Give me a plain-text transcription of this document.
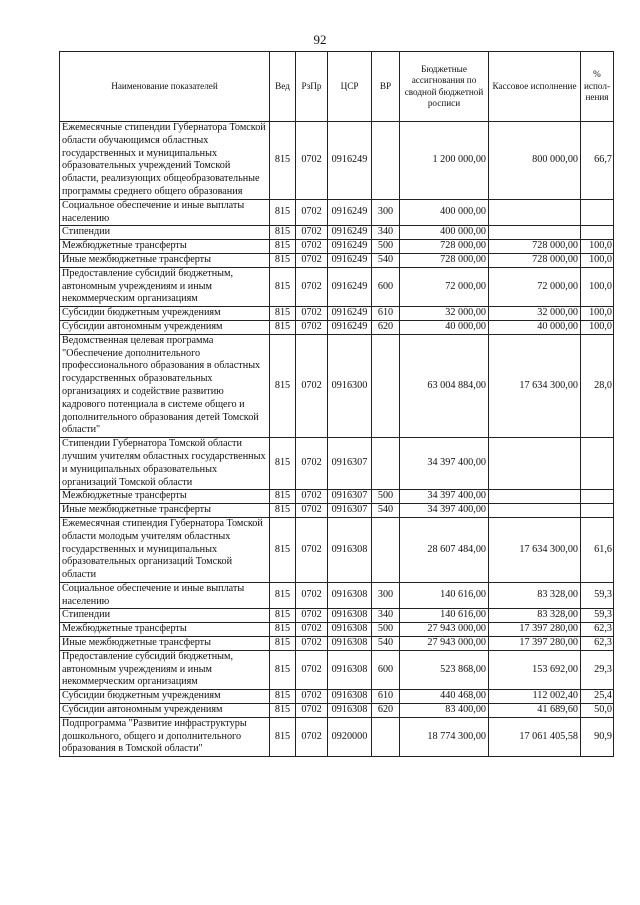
92
Наименование показателей	Вед	РзПр	ЦСР	ВР	Бюджетные ассигнования по сводной бюджетной росписи	Кассовое исполнение	% испол-нения
Ежемесячные стипендии Губернатора Томской области обучающимся областных государственных и муниципальных образовательных учреждений Томской области, реализующих общеобразовательные программы среднего общего образования	815	0702	0916249		1 200 000,00	800 000,00	66,7
Социальное обеспечение и иные выплаты населению	815	0702	0916249	300	400 000,00		
Стипендии	815	0702	0916249	340	400 000,00		
Межбюджетные трансферты	815	0702	0916249	500	728 000,00	728 000,00	100,0
Иные межбюджетные трансферты	815	0702	0916249	540	728 000,00	728 000,00	100,0
Предоставление субсидий бюджетным, автономным учреждениям и иным некоммерческим организациям	815	0702	0916249	600	72 000,00	72 000,00	100,0
Субсидии бюджетным учреждениям	815	0702	0916249	610	32 000,00	32 000,00	100,0
Субсидии автономным учреждениям	815	0702	0916249	620	40 000,00	40 000,00	100,0
Ведомственная целевая программа "Обеспечение дополнительного профессионального образования в областных государственных образовательных организациях и содействие развитию кадрового потенциала в системе общего и дополнительного образования детей Томской области"	815	0702	0916300		63 004 884,00	17 634 300,00	28,0
Стипендии Губернатора Томской области лучшим учителям областных государственных и муниципальных образовательных организаций Томской области	815	0702	0916307		34 397 400,00		
Межбюджетные трансферты	815	0702	0916307	500	34 397 400,00		
Иные межбюджетные трансферты	815	0702	0916307	540	34 397 400,00		
Ежемесячная стипендия Губернатора Томской области молодым учителям областных государственных и муниципальных образовательных организаций Томской области	815	0702	0916308		28 607 484,00	17 634 300,00	61,6
Социальное обеспечение и иные выплаты населению	815	0702	0916308	300	140 616,00	83 328,00	59,3
Стипендии	815	0702	0916308	340	140 616,00	83 328,00	59,3
Межбюджетные трансферты	815	0702	0916308	500	27 943 000,00	17 397 280,00	62,3
Иные межбюджетные трансферты	815	0702	0916308	540	27 943 000,00	17 397 280,00	62,3
Предоставление субсидий бюджетным, автономным учреждениям и иным некоммерческим организациям	815	0702	0916308	600	523 868,00	153 692,00	29,3
Субсидии бюджетным учреждениям	815	0702	0916308	610	440 468,00	112 002,40	25,4
Субсидии автономным учреждениям	815	0702	0916308	620	83 400,00	41 689,60	50,0
Подпрограмма "Развитие инфраструктуры дошкольного, общего и дополнительного образования в Томской области"	815	0702	0920000		18 774 300,00	17 061 405,58	90,9
